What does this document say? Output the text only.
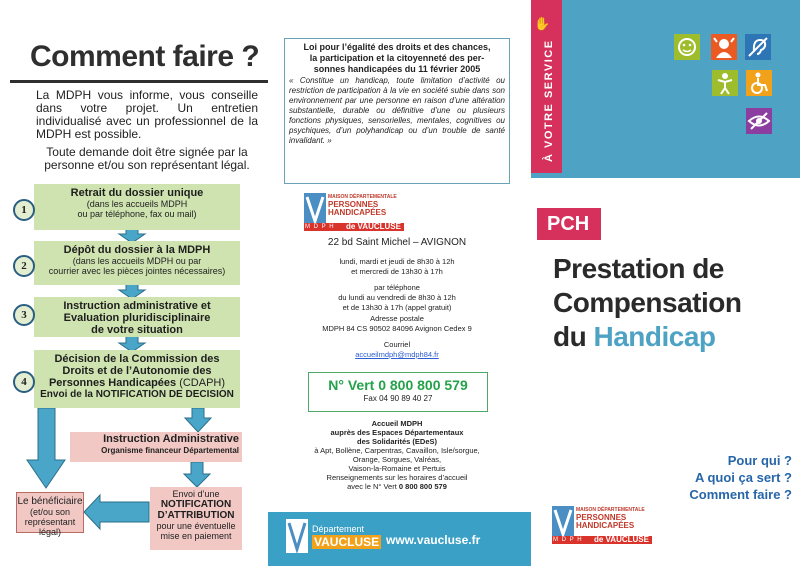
Comment faire ?
La MDPH vous informe, vous conseille dans votre projet. Un entretien individualisé avec un professionnel de la MDPH est possible.
Toute demande doit être signée par la personne et/ou son représentant légal.
Retrait du dossier unique
(dans les accueils MDPH
ou par téléphone, fax ou mail)
Dépôt du dossier à la MDPH
(dans les accueils MDPH ou par
courrier avec les pièces jointes nécessaires)
Instruction administrative et
Evaluation pluridisciplinaire
de votre situation
Décision de la Commission des
Droits et de l’Autonomie des
Personnes Handicapées (CDAPH)
Envoi de la NOTIFICATION DE DECISION
1
2
3
4
Instruction Administrative
Organisme financeur Départemental
Envoi d’une
NOTIFICATION
D’ATTRIBUTION
pour une éventuelle
mise en paiement
Le bénéficiaire
(et/ou son
représentant légal)
Loi pour l’égalité des droits et des chances,
la participation et la citoyenneté des per-
sonnes handicapées du 11 février 2005
« Constitue un handicap, toute limitation d’activité ou restriction de participation à la vie en société subie dans son environnement par une personne en raison d’une altération substantielle, durable ou définitive d’une ou plusieurs fonctions physiques, sensorielles, mentales, cognitives ou psychiques, d’un polyhandicap ou d’un trouble de santé invalidant. »
MAISON DÉPARTEMENTALE
PERSONNES
HANDICAPÉES
M D P H de VAUCLUSE
22 bd Saint Michel – AVIGNON
lundi, mardi et jeudi de 8h30 à 12h
et mercredi de 13h30 à 17h
par téléphone
du lundi au vendredi de 8h30 à 12h
et de 13h30 à 17h (appel gratuit)
Adresse postale
MDPH 84 CS 90502 84096 Avignon Cedex 9
Courriel
accueilmdph@mdph84.fr
N° Vert 0 800 800 579
Fax 04 90 89 40 27
Accueil MDPH
auprès des Espaces Départementaux
des Solidarités (EDeS)
à Apt, Bollène, Carpentras, Cavaillon, Isle/sorgue,
Orange, Sorgues, Valréas,
Vaison-la-Romaine et Pertuis
Renseignements sur les horaires d’accueil
avec le N° Vert 0 800 800 579
Département
VAUCLUSE www.vaucluse.fr
✋
À VOTRE SERVICE
PCH
Prestation de
Compensation
du Handicap
Pour qui ?
A quoi ça sert ?
Comment faire ?
MAISON DÉPARTEMENTALE
PERSONNES
HANDICAPÉES
M D P H de VAUCLUSE
